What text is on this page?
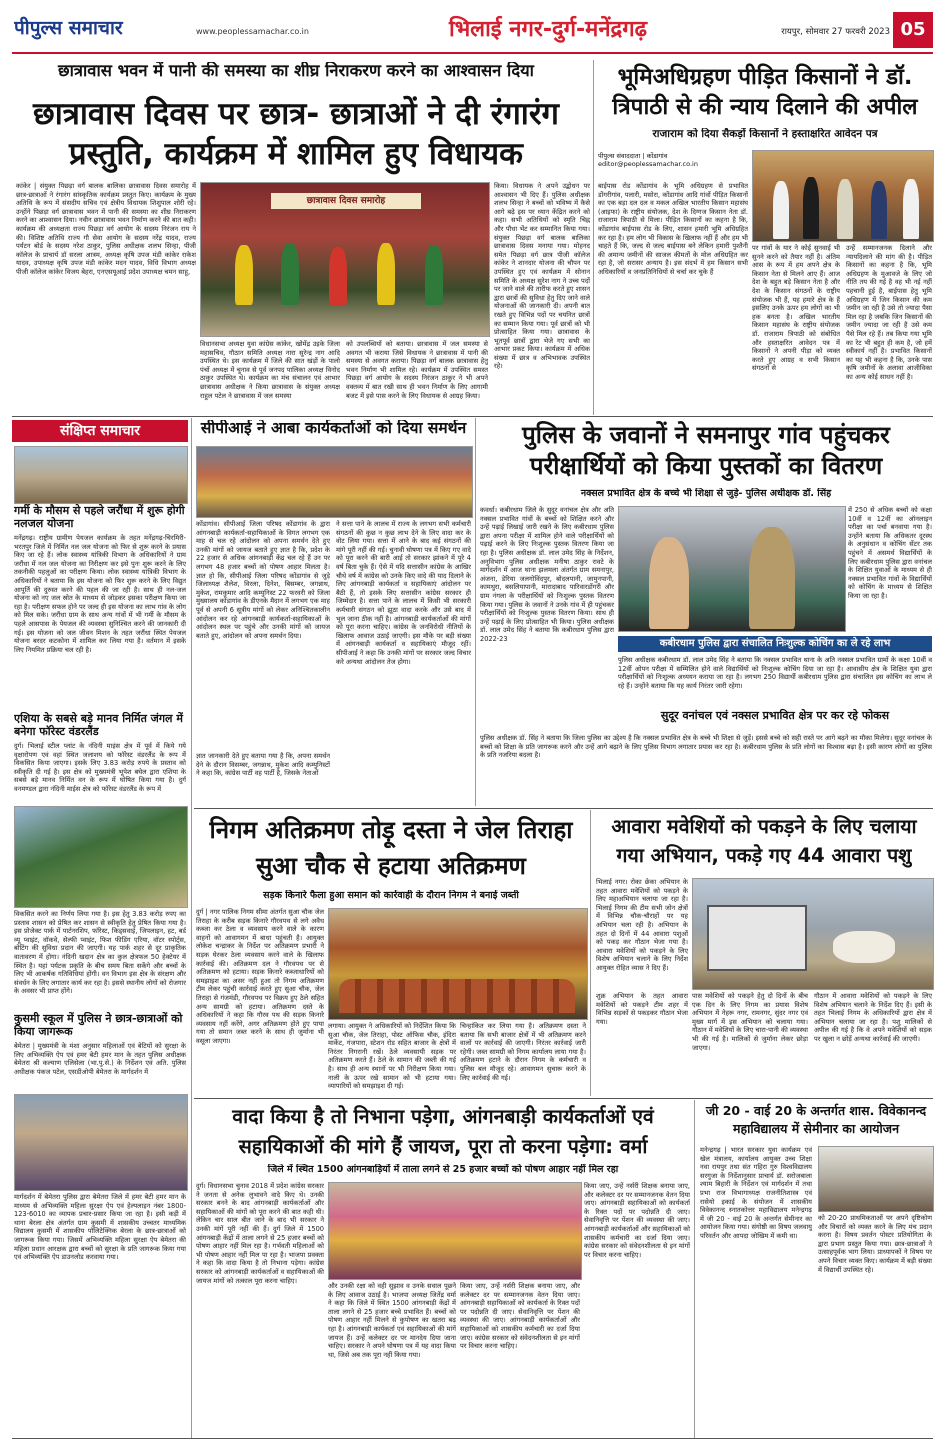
पीपुल्स समाचार	www.peoplessamachar.co.in	भिलाई नगर-दुर्ग-मनेंद्रगढ़	रायपुर, सोमवार 27 फरवरी 2023 05
छात्रावास भवन में पानी की समस्या का शीघ्र निराकरण करने का आश्वासन दिया
छात्रावास दिवस पर छात्र- छात्राओं ने दी रंगारंग प्रस्तुति, कार्यक्रम में शामिल हुए विधायक
कांकेर | संयुक्त पिछड़ा वर्ग बालक बालिका छात्रावास दिवस समारोह में छात्र-छात्राओं ने रंगारंग सांस्कृतिक कार्यक्रम प्रस्तुत किए। कार्यक्रम के मुख्य अतिथि के रूप में संसदीय सचिव एवं क्षेत्रीय विधायक शिशुपाल शोरी रहे। उन्होंने पिछड़ा वर्ग छात्रावास भवन में पानी की समस्या का शीघ्र निराकरण करने का आश्वासन दिया। नवीन छात्रावास भवन निर्माण करने की बात कही। कार्यक्रम की अध्यक्षता राज्य पिछड़ा वर्ग आयोग के सदस्य निरंजन राय ने की। विशिष्ट अतिथि राज्य गौ सेवा आयोग के सदस्य नरेंद्र यादव, राज्य पर्यटन बोर्ड के सदस्य नरेश ठाकुर, पुलिस अधीक्षक शलभ सिन्हा, पीजी कॉलेज के प्राचार्य डॉ सरला आत्रम, अध्यक्ष कृषि उपज मंडी कांकेर राकेश यादव, उपाध्यक्ष कृषि उपज मंडी कांकेर मदन यादव, विधि विभाग अध्यक्ष पीजी कॉलेज कांकेर विजय बेहरा, एनएसयूआई प्रदेश उपाध्यक्ष चमन साहू,
छात्रावास दिवस समारोह
विधानसभा अध्यक्ष युवा कांग्रेस कांकेर, खोमेंद्र उइके जिला महासचिव, गौठान समिति अध्यक्ष नारा सुरेन्द्र नाग आदि उपस्थित थे। इस कार्यक्रम में जिले की सात खंड़ों के पालो पंचों अध्यक्ष में चुनाव से पूर्व जनपद पालिका अध्यक्ष विनोद ठाकुर उपस्थित थे। कार्यक्रम का मंच संचालन एवं आभार छात्रावास अधीक्षक ने किया छात्रावास के संयुक्त अध्यक्ष राहुल पटेल ने छात्रावास में जल समस्या
को उपलब्धियों को बताया। छात्रावास में जल समस्या से अवगत भी कराया जिसे विधायक ने छात्रावास में पानी की समस्या से अवगत कराया। पिछड़ा वर्ग बालक छात्रावास हेतु भवन निर्माण भी शामिल रहे। कार्यक्रम में उपस्थित समस्त पिछड़ा वर्ग आयोग के सदस्य निरंजन ठाकुर ने भी अपने वक्तव्य में बात रखी साथ ही भवन निर्माण के लिए आगामी बजट में इसे पास करने के लिए विधायक से आग्रह किया।
किया। विधायक ने अपने उद्बोधन पर आश्वासन भी दिए हैं। पुलिस अधीक्षक शलभ सिन्हा ने बच्चों को भविष्य में कैसे आगे बढ़े इस पर ध्यान केंद्रित करने को कहा। सभी अतिथियों को स्मृति चिह्न और पौधा भेंट कर सम्मानित किया गया। संयुक्त पिछड़ा वर्ग बालक बालिका छात्रावास दिवस मनाया गया। मोहनद समेत पिछड़ा वर्ग छात्र पीजी कॉलेज कांकेर ने शानदार योजना की चौपन पर उपस्थित हुए एवं कार्यक्रम में सोनान समिति के अध्यक्ष सुरेश नाग ने उच्च पदों पर जाने वाले की तारीफ करते हुए शासन द्वारा छात्रों की सुविधा हेतु दिए जाने वाले योजनाओं की जानकारी दी। अपनी बात रखते हुए विभिन्न पदों पर चयनित छात्रों का सम्मान किया गया। पूर्व छात्रों को भी प्रोत्साहित किया गया। छात्रावास के भूतपूर्व छात्रों द्वारा भेजे गए सभी का आभार प्रकट किया। कार्यक्रम में अधिक संख्या में छात्र व अभिभावक उपस्थित रहे।
भूमिअधिग्रहण पीड़ित किसानों ने डॉ. त्रिपाठी से की न्याय दिलाने की अपील
राजाराम को दिया सैकड़ों किसानों ने हस्ताक्षरित आवेदन पत्र
पीपुल्स संवाददाता | कोंडागांव
editor@peoplessamachar.co.in
बाईपास रोड कोंडागांव के भूमि अधिग्रहण से प्रभावित डोंगरीगांव, पलारी, मसोरा, कोंडागांव आदि गांवों पीड़ित किसानों का एक बड़ा दल दल व मकल अखिल भारतीय किसान महासंघ (आइफा) के राष्ट्रीय संयोजक, देश के दिग्गज किसान नेता डॉ. राजाराम त्रिपाठी से मिला। पीड़ित किसानों का कहना है कि, कोंडागांव बाईपास रोड के लिए, शासन हमारी भूमि अधिग्रहित कर रहा है। हम लोग भी विकास के खिलाफ नहीं हैं और हम भी चाहते हैं कि, जल्द से जल्द बाईपास बने लेकिन हमारी पुश्तैनी की अमान्य जमीनों की साजल कीमतों के मोल अधिग्रहित कर रहा है, जो सरासर अन्याय है। इस संदर्भ में हम किसान सभी अधिकारियों व जनप्रतिनिधियों से चर्चा कर चुके हैं
पर गांवों के यार ने कोई सुनवाई भी सुनने करने को तैयार नहीं है। अंतिम आस के रूप में हम अपने क्षेत्र के किसान नेता से मिलने आए हैं। आज देश के बहुत बड़े किसान नेता है और देश के किसान संगठनों के राष्ट्रीय संयोजक भी हैं, यह हमारे क्षेत्र के हैं इसलिए उनके ऊपर हम लोगों का भी हक बनता है। अखिल भारतीय किसान महासंघ के राष्ट्रीय संयोजक डॉ. राजाराम त्रिपाठी को संबोधित और हस्ताक्षरित आवेदन पत्र में किसानों ने अपनी पीड़ा को व्यक्त करते हुए आग्रह व सभी किसान संगठनों से
उन्हें सम्मानजनक दिलाने और न्यायदिलाने की मांग की है। पीड़ित किसानों का कहना है कि, भूमि अधिग्रहण के मुआवजे के लिए जो नीति तय की गई है वह भी नई नहीं पहचानी हुई है, बाईपास हेतु भूमि अधिग्रहण में जिन किसान की कम जमीन जा रही है उसे तो ज्यादा पैसा मिल रहा है जबकि जिन किसानों की जमीन ज्यादा जा रही है उसे कम पैसे मिल रहे हैं। तब किया गया भूमि का रेट भी बहुत ही कम है, जो हमें स्वीकार्य नहीं है। प्रभावित किसानों का यह भी कहना है कि, उनके पास कृषि जमीनों के अलावा आजीविका का अन्य कोई साधन नहीं है।
संक्षिप्त समाचार
गर्मी के मौसम से पहले जरौंधा में शुरू होगी नलजल योजना
मनेंद्रगढ़। राष्ट्रीय ग्रामीण पेयजल कार्यक्रम के तहत मनेंद्रगढ़-चिरमिरी-भरतपुर जिले में निर्मित नल जल योजना को फिर से शुरू करने के प्रयास किए जा रहे हैं। लोक स्वास्थ्य यांत्रिकी विभाग के अधिकारियों ने ग्राम जरौंधा में नल जल योजना का निरीक्षण कर इसे पुनः शुरू करने के लिए तकनीकी पहलुओं का परीक्षण किया। लोक स्वास्थ्य यांत्रिकी विभाग के अधिकारियों ने बताया कि इस योजना को फिर शुरू करने के लिए विद्युत आपूर्ति की दुरुस्त करने की पहल की जा रही है। साथ ही नल-जल योजना को नए जल स्रोत के माध्यम से जोड़कर इसका परीक्षण किया जा रहा है। परीक्षण सफल होने पर जल्द ही इस योजना का लाभ गांव के लोग को मिल सके। जरौंधा ग्राम के साथ अन्य गांवों में भी गर्मी के मौसम के पहले आसपास के पेयजल की व्यवस्था सुनिश्चित करने की जानकारी दी गई। इस योजना को जल जीवन मिशन के तहत जरौंधा स्थित पेयजल योजना बरदर कटकोना में शामिल कर लिया गया है। वर्तमान में इसके लिए नियमित प्रक्रिया चल रही है।
एशिया के सबसे बड़े मानव निर्मित जंगल में बनेगा फॉरेस्ट वंडरलैंड
दुर्ग। भिलाई स्टील प्लांट के नंदिनी माइंस क्षेत्र में पूर्व में किये गये वृक्षारोपण एवं वहां स्थित जलाशय को फॉरेस्ट वंडरलैंड के रूप में विकसित किया जाएगा। इसके लिए 3.83 करोड़ रुपये के प्रस्ताव को स्वीकृति दी गई है। इस क्षेत्र को मुख्यमंत्री भूपेश बघेल द्वारा एशिया के सबसे बड़े मानव निर्मित वन के रूप में घोषित किया गया है। दुर्ग वनमण्डल द्वारा नंदिनी माईस क्षेत्र को फॉरेस्ट वंडरलैंड के रूप में
विकसित करने का निर्णय लिया गया है। इस हेतु 3.83 करोड़ रुपए का प्रस्ताव शासन को प्रेषित कर शासन से स्वीकृति हेतु प्रेषित किया गया है। इस प्रोजेक्ट पार्क में पार्टनरशिप, फॉरेस्ट, किड्सवाई, जिपलाइन, हट, बर्ड व्यू प्वाइंट, वॉकवे, सेल्फी प्वाइंट, फिश फीडिंग एरिया, वॉटर स्पोर्ट्स, बोटिंग की सुविधा प्रदान की जाएगी। यह पार्क शहर से दूर प्राकृतिक वातावरण में होगा। नंदिनी खदान क्षेत्र का कुल क्षेत्रफल 50 हेक्टेयर में स्थित है। यहां पर्यटक प्रकृति के बीच समय बिता सकेंगे और बच्चों के लिए भी आकर्षक गतिविधियां होंगी। वन विभाग इस क्षेत्र के संरक्षण और संवर्धन के लिए लगातार कार्य कर रहा है। इससे स्थानीय लोगों को रोजगार के अवसर भी प्राप्त होंगे।
कुसमी स्कूल में पुलिस ने छात्र-छात्राओं को किया जागरूक
बेमेतरा | मुख्यमंत्री के मंशा अनुसार महिलाओं एवं बेटियों को सुरक्षा के लिए अभिव्यक्ति ऐप एवं हमर बेटी हमर मान के तहत पुलिस अधीक्षक बेमेतरा श्री कल्याण एलिसेला (भा.पु.से.) के निर्देशन एवं अति. पुलिस अधीक्षक पंकज पटेल, एसडीओपी बेमेतरा के मार्गदर्शन में
मार्गदर्शन में बेमेतरा पुलिस द्वारा बेमेतरा जिले में हमर बेटी हमर मान के माध्यम से अभिव्यक्ति महिला सुरक्षा ऐप एवं हेल्पलाइन नंबर 1800-123-6010 का व्यापक प्रचार-प्रसार किया जा रहा है। इसी कड़ी में थाना बेरला क्षेत्र अंतर्गत ग्राम कुसमी में शासकीय उच्चतर माध्यमिक विद्यालय कुसमी में शासकीय पॉलिटेक्निक बेरला के छात्र-छात्राओं को जागरूक किया गया। जिसमें अभिव्यक्ति महिला सुरक्षा ऐप बेमेतरा की महिला प्रधान आरक्षक द्वारा बच्चों को सुरक्षा के प्रति जागरूक किया गया एवं अभिव्यक्ति ऐप डाउनलोड करवाया गया।
सीपीआई ने आबा कार्यकर्ताओं को दिया समर्थन
कोंडागांव। सीपीआई जिला परिषद कोंडागांव के द्वारा आंगनबाड़ी कार्यकर्ता-सहायिकाओं के विगत लगभग एक माह से चल रहे आंदोलन को अपना समर्थन देते हुए उनकी मांगों को जायज बताते हुए ज्ञात है कि, प्रदेश के 22 हजार से अधिक आंगनबाड़ी केंद्र चल रहे हैं उन पर लगभग 48 हजार बच्चों को पोषण आहार मिलता है। ज्ञात हो कि, सीपीआई जिला परिषद कोंडागांव से जुड़े जिलाध्यक्ष शैलेश, विरला, दिनेश, बिसम्बर, जगन्नाथ, मुकेश, रामकुमार आदि कम्युनिस्ट 22 फरवरी को जिला मुख्यालय कोंडागांव के डीएनके मैदान में लगभग एक माह पूर्व से अपनी 6 सूत्रीय मांगों को लेकर अनिश्चितकालीन आंदोलन कर रहे आंगनबाड़ी कार्यकर्ता-सहायिकाओं के आंदोलन स्थल पर पहुंचे और उनकी मांगों को जायज बताते हुए, आंदोलन को अपना समर्थन दिया।
ज्ञात जानकारी देते हुए बताया गया है कि, अपना समर्थन देने के दौरान विसम्बर, जगन्नाथ, मुकेश आदि कम्युनिस्टों ने कहा कि, कांग्रेस पार्टी वह पार्टी है, जिसके नेताओं
ने सत्ता पाने के लालच में राज्य के लगभग सभी कर्मचारी संगठनों की कुछ न कुछ लाभ देने के लिए वादा कर के वोट लिया गया। सत्ता में आने के बाद कई संगठनों की मांगे पूरी नहीं की गईं। चुनावी घोषणा पत्र में किए गए वादे को पूरा करने की बारी आई तो सरकार झांकने में पूरे 4 वर्ष बिता चुके हैं। ऐसे में यदि सत्तासीन कांग्रेस के आखिर चौथे वर्ष में कांग्रेस को उनके किए वादे की याद दिलाने के लिए आंगनबाड़ी कार्यकर्ता व सहायिकाएं आंदोलन पर बैठी हैं, तो इसके लिए सत्तासीन कांग्रेस सरकार ही जिम्मेदार है। सत्ता पाने के लालच में किसी भी सरकारी कर्मचारी संगठन को झूठा वादा करके और उसे बाद में भूल जाना ठीक नहीं है। आंगनबाड़ी कार्यकर्ताओं की मांगों को पूरा करना चाहिए। कांग्रेस के जनविरोधी नीतियों के खिलाफ आवाज उठाई जाएगी। इस मौके पर बड़ी संख्या में आंगनबाड़ी कार्यकर्ता व सहायिकाएं मौजूद रहीं। सीपीआई ने कहा कि उनकी मांगों पर सरकार जल्द विचार करे अन्यथा आंदोलन तेज होगा।
पुलिस के जवानों ने समनापुर गांव पहुंचकर परीक्षार्थियों को किया पुस्तकों का वितरण
नक्सल प्रभावित क्षेत्र के बच्चे भी शिक्षा से जुड़े- पुलिस अधीक्षक डॉ. सिंह
कवर्धा। कबीरधाम जिले के सुदूर वनांचल क्षेत्र और अति नक्सल प्रभावित गांवों के बच्चों को शिक्षित करने और उन्हें पढ़ाई लिखाई जारी रखने के लिए कबीरधाम पुलिस द्वारा अपना परीक्षा में शामिल होने वाले परीक्षार्थियों को पढ़ाई करने के लिए निःशुल्क पुस्तक वितरण किया जा रहा है। पुलिस अधीक्षक डॉ. लाल उमेद सिंह के निर्देशन, अनुविभाग पुलिस अधीक्षक मनीषा ठाकुर रावटे के मार्गदर्शन में आज थाना झलमला अंतर्गत ग्राम समनापुर, अंजना, डेरिया जलगोविंदपुर, बोदलपानी, जामुनपानी, कामथुरा, बसलियापानी, मारादाबाद पारिवारडोंगरी और ग्राम नंगला के परीक्षार्थियों को निःशुल्क पुस्तक वितरण किया गया। पुलिस के जवानों ने उनके गांव में ही पहुंचकर परीक्षार्थियों को निःशुल्क पुस्तक वितरण किया। साथ ही उन्हें पढ़ाई के लिए प्रोत्साहित भी किया। पुलिस अधीक्षक डॉ. लाल उमेद सिंह ने बताया कि कबीरधाम पुलिस द्वारा 2022-23
में 250 से अधिक बच्चों को कक्षा 10वीं व 12वीं का ऑनलाइन परीक्षा का पर्चा बनवाया गया है। उन्होंने बताया कि अधिकतर दूरस्थ के अनुसंधान व कोचिंग सेंटर तक पहुंचने में असमर्थ विद्यार्थियों के लिए कबीरधाम पुलिस द्वारा वनांचल के शिक्षित युवाओं के माध्यम से ही नक्सल प्रभावित गांवों के विद्यार्थियों को कोचिंग के माध्यम से शिक्षित किया जा रहा है।
कबीरधाम पुलिस द्वारा संचालित निःशुल्क कोचिंग का ले रहे लाभ
पुलिस अधीक्षक कबीरधाम डॉ. लाल उमेद सिंह ने बताया कि नक्सल प्रभावित थाना के अति नक्सल प्रभावित ग्रामों के कक्षा 10वीं व 12वीं ओपन परीक्षा में सम्मिलित होने वाले विद्यार्थियों को निःशुल्क कोचिंग दिया जा रहा है। आवासीय क्षेत्र के शिक्षित युवा द्वारा परीक्षार्थियों को निःशुल्क अध्ययन कराया जा रहा है। लगभग 250 विद्यार्थी कबीरधाम पुलिस द्वारा संचालित इस कोचिंग का लाभ ले रहे हैं। उन्होंने बताया कि यह कार्य निरंतर जारी रहेगा।
सुदूर वनांचल एवं नक्सल प्रभावित क्षेत्र पर कर रहे फोकस
पुलिस अधीक्षक डॉ. सिंह ने बताया कि जिला पुलिस का उद्देश्य है कि नक्सल प्रभावित क्षेत्र के बच्चे भी शिक्षा से जुड़ें। इससे बच्चे को सही रास्ते पर आगे बढ़ने का मौका मिलेगा। सुदूर वनांचल के बच्चों को शिक्षा के प्रति जागरूक करने और उन्हें आगे बढ़ाने के लिए पुलिस विभाग लगातार प्रयास कर रहा है। कबीरधाम पुलिस के प्रति लोगों का विश्वास बढ़ा है। इसी कारण लोगों का पुलिस के प्रति नजरिया बदला है।
निगम अतिक्रमण तोड़ू दस्ता ने जेल तिराहा सुआ चौक से हटाया अतिक्रमण
सड़क किनारे फैला हुआ समान को कार्रवाही के दौरान निगम ने बनाई जब्ती
दुर्ग | नगर पालिक निगम सीमा अंतर्गत सुआ चौक जेल तिराहा के करीब सड़क किनारे गौरवपथ से लगे अवैध कब्जा कर ठेला व व्यवसाय करने वाले के कारण वाहनों को आवागमन में बाधा पहुंचती है। आयुक्त लोकेश चन्द्राकर के निर्देश पर अतिक्रमण प्रभारी ने सड़क घेरकर ठेला व्यवसाय करने वाले के खिलाफ कार्रवाई की। अतिक्रमण दल ने गौरवपथ पर से अतिक्रमण को हटाया। सड़क किनारे कब्जाधारियों को समझाइश का असर नहीं हुआ तो निगम अतिक्रमण टीम लेकर पहुंची कार्रवाई करते हुए सुआ चौक, जेल तिराहा से गंजमंडी, गौरवपथ पर विक्रय हुए ठेले सहित अन्य सामग्री को हटाया। अतिक्रमण दस्ते के अधिकारियों ने कहा कि गौरव पथ की सड़क किनारे व्यवसाय नहीं करेंगे, अगर अतिक्रमण होते हुए पाया गया तो समान जब्त करने के साथ ही जुर्माना भी वसूला जाएगा।
लगाया। आयुक्त ने अधिकारियों को निर्देशित किया कि सुआ चौक, जेल तिराहा, पोस्ट ऑफिस चौक, इंदिरा मार्केट, गंजपारा, स्टेशन रोड सहित बाजार के क्षेत्रों में निरंतर निगरानी रखें। ठेले व्यवसायी सड़क पर अतिक्रमण करते हैं। ठेले के सामान की जब्ती की गई है। साथ ही अन्य स्थानों पर भी निरीक्षण किया गया। नाली के ऊपर रखे सामान को भी हटाया गया। व्यापारियों को समझाइश दी गई।
चिन्हांकित कर लिया गया है। अतिक्रमण दस्ता ने बताया कि सभी बाजार क्षेत्रों में भी अतिक्रमण करने वालों पर कार्रवाई की जाएगी। निरंतर कार्रवाई जारी रहेगी। जब्त सामग्री को निगम कार्यालय लाया गया है। अतिक्रमण हटाने के दौरान निगम के कर्मचारी व पुलिस बल मौजूद रहे। आवागमन सुचारू करने के लिए कार्रवाई की गई।
आवारा मवेशियों को पकड़ने के लिए चलाया गया अभियान, पकड़े गए 44 आवारा पशु
भिलाई नगर। रोका छेका अभियान के तहत आवारा मवेशियों को पकड़ने के लिए महाअभियान चलाया जा रहा है। भिलाई निगम की टीम सभी जोन क्षेत्रों में विभिन्न चौक-चौराहों पर यह अभियान चला रही है। अभियान के तहत दो दिनों में 44 आवारा पशुओं को पकड़ कर गौठान भेजा गया है। आवारा मवेशियों को पकड़ने के लिए विशेष अभियान चलाने के लिए निर्देश आयुक्त रोहित व्यास ने दिए हैं।
शुक्र अभियान के तहत आवारा मवेशियों को पकड़ने टीम शहर में विभिन्न सड़कों से पकड़कर गौठान भेजा गया।
पास मवेशियों को पकड़ने हेतु दो दिनों के बीच एक दिन के लिए निगम का प्रयास विशेष अभियान में नेहरू नगर, रामनगर, सुंदर नगर एवं मुख्य मार्ग में इस अभियान को चलाया गया। गौठान में मवेशियों के लिए चारा-पानी की व्यवस्था भी की गई है। मालिकों से जुर्माना लेकर छोड़ा जाएगा।
गौठान में आवारा मवेशियों को पकड़ने के लिए विशेष अभियान चलाने के निर्देश दिए हैं। इसी के तहत भिलाई निगम के अधिकारियों द्वारा क्षेत्र में अभियान चलाया जा रहा है। पशु मालिकों से अपील की गई है कि वे अपने मवेशियों को सड़क पर खुला न छोड़ें अन्यथा कार्रवाई की जाएगी।
वादा किया है तो निभाना पड़ेगा, आंगनबाड़ी कार्यकर्ताओं एवं सहायिकाओं की मांगे हैं जायज, पूरा तो करना पड़ेगा: वर्मा
जिले में स्थित 1500 आंगनबाड़ियों में ताला लगने से 25 हजार बच्चों को पोषण आहार नहीं मिल रहा
दुर्ग। विधानसभा चुनाव 2018 में प्रदेश कांग्रेस सरकार ने जनता से अनेक लुभावने वादे किए थे। उनकी सरकार बनने के बाद आंगनबाड़ी कार्यकर्ताओं और सहायिकाओं की मांगों को पूरा करने की बात कही थी। लेकिन चार साल बीत जाने के बाद भी सरकार ने उनकी मांगें पूरी नहीं की हैं। दुर्ग जिले में 1500 आंगनबाड़ी केंद्रों में ताला लगने से 25 हजार बच्चों को पोषण आहार नहीं मिल रहा है। गर्भवती महिलाओं को भी पोषण आहार नहीं मिल पा रहा है। भाजपा प्रवक्ता ने कहा कि वादा किया है तो निभाना पड़ेगा। कांग्रेस सरकार को आंगनबाड़ी कार्यकर्ताओं व सहायिकाओं की जायज मांगों को तत्काल पूरा करना चाहिए।
और उनकी रक्षा को वही सुझाव व उनके सवाल पूछने के लिए आवाज उठाई है। भाजपा अध्यक्ष जितेंद्र वर्मा ने कहा कि जिले में स्थित 1500 आंगनबाड़ी केंद्रों में ताला लगने से 25 हजार बच्चे प्रभावित हैं। बच्चों को पोषण आहार नहीं मिलने से कुपोषण का खतरा बढ़ रहा है। आंगनबाड़ी कार्यकर्ता एवं सहायिकाओं की मांगें जायज हैं। उन्हें कलेक्टर दर पर मानदेय दिया जाना चाहिए। सरकार ने अपने घोषणा पत्र में यह वादा किया था, जिसे अब तक पूरा नहीं किया गया।
किया जाए, उन्हें नर्सरी शिक्षक बनाया जाए, और कलेक्टर दर पर सम्मानजनक वेतन दिया जाए। आंगनबाड़ी सहायिकाओं को कार्यकर्ता के रिक्त पदों पर पदोन्नति दी जाए। सेवानिवृत्ति पर पेंशन की व्यवस्था की जाए। आंगनबाड़ी कार्यकर्ताओं और सहायिकाओं को शासकीय कर्मचारी का दर्जा दिया जाए। कांग्रेस सरकार को संवेदनशीलता से इन मांगों पर विचार करना चाहिए।
किया जाए, उन्हें नर्सरी शिक्षक बनाया जाए, और कलेक्टर दर पर सम्मानजनक वेतन दिया जाए। आंगनबाड़ी सहायिकाओं को कार्यकर्ता के रिक्त पदों पर पदोन्नति दी जाए। सेवानिवृत्ति पर पेंशन की व्यवस्था की जाए। आंगनबाड़ी कार्यकर्ताओं और सहायिकाओं को शासकीय कर्मचारी का दर्जा दिया जाए। कांग्रेस सरकार को संवेदनशीलता से इन मांगों पर विचार करना चाहिए।
जी 20 - वाई 20 के अन्तर्गत शास. विवेकानन्द महाविद्यालय में सेमीनार का आयोजन
मनेन्द्रगढ़ | भारत सरकार युवा कार्यक्रम एवं खेल मंत्रालय, कार्यालय आयुक्त उच्च शिक्षा नवा रायपुर तथा संत गहिरा गुरु विश्वविद्यालय सरगुजा के निर्देशानुसार प्राचार्य डॉ. सरोजबाला श्याम बिहारी के निर्देशन एवं मार्गदर्शन में तथा प्रभा राज विभागाध्यक्ष राजनीतिशास्त्र एवं रासेयो इकाई के संयोजन में शासकीय विवेकानन्द स्नातकोत्तर महाविद्यालय मनेन्द्रगढ़ में जी 20 - वाई 20 के अन्तर्गत सेमीनार का आयोजन किया गया। संगोष्ठी का विषय जलवायु परिवर्तन और आपदा जोखिम में कमी था।
को 20-20 प्राथमिकताओं पर अपने दृष्टिकोण और विचारों को व्यक्त करने के लिए मंच प्रदान करना है। विषय प्रवर्तन पोस्टर प्रतियोगिता के द्वारा प्रभाग प्रस्तुत किया गया। छात्र-छात्राओं ने उत्साहपूर्वक भाग लिया। प्राध्यापकों ने विषय पर अपने विचार व्यक्त किए। कार्यक्रम में बड़ी संख्या में विद्यार्थी उपस्थित रहे।
